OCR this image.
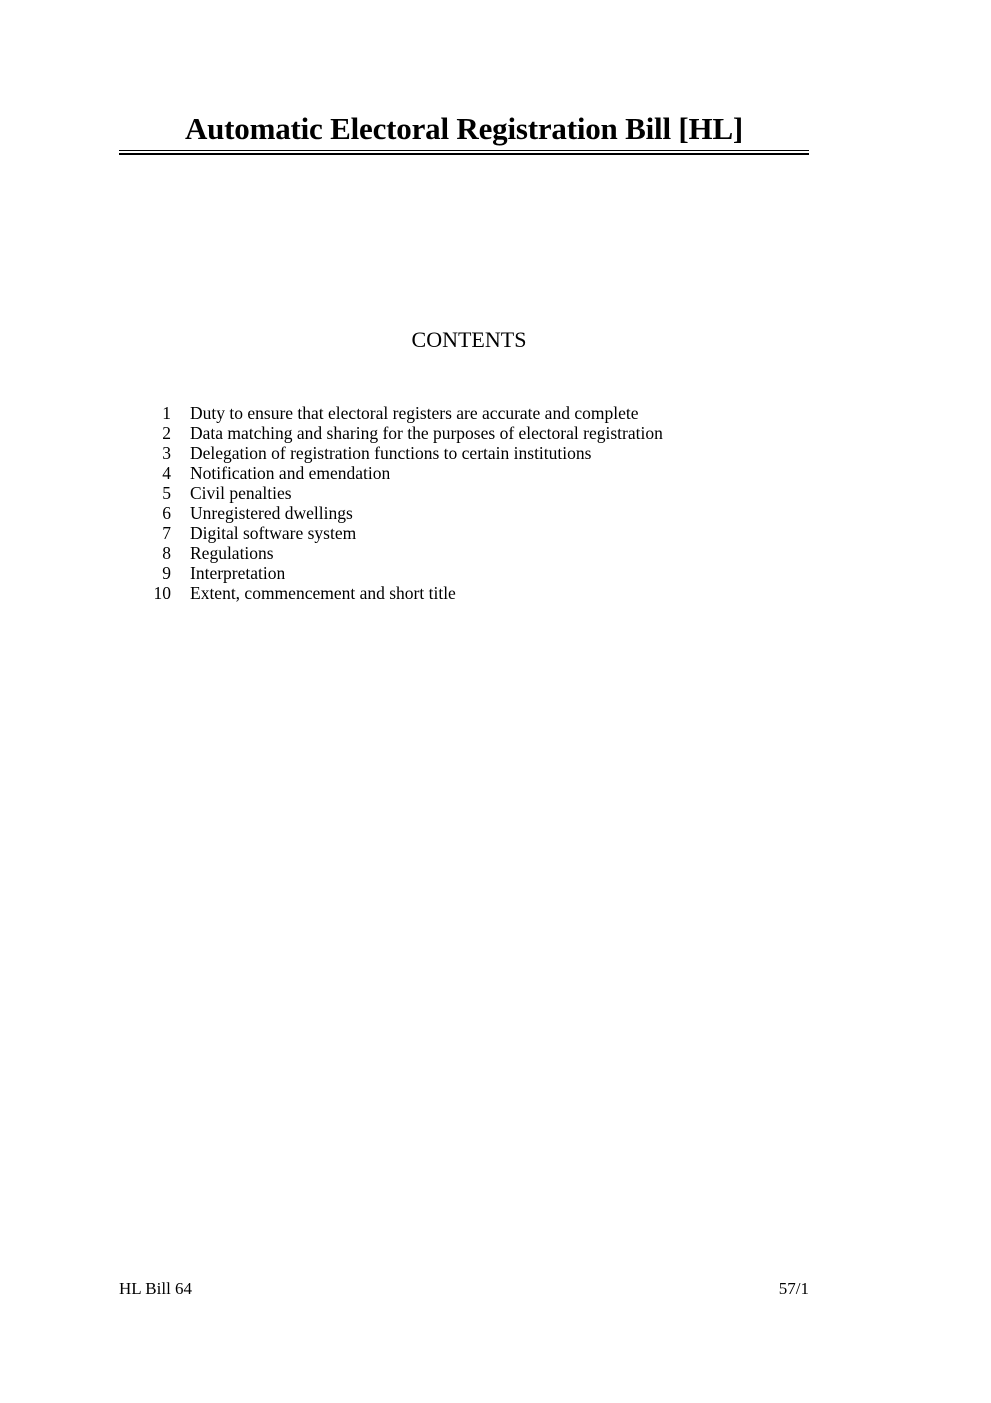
Automatic Electoral Registration Bill [HL]
CONTENTS
1 Duty to ensure that electoral registers are accurate and complete
2 Data matching and sharing for the purposes of electoral registration
3 Delegation of registration functions to certain institutions
4 Notification and emendation
5 Civil penalties
6 Unregistered dwellings
7 Digital software system
8 Regulations
9 Interpretation
10 Extent, commencement and short title
HL Bill 64	57/1
